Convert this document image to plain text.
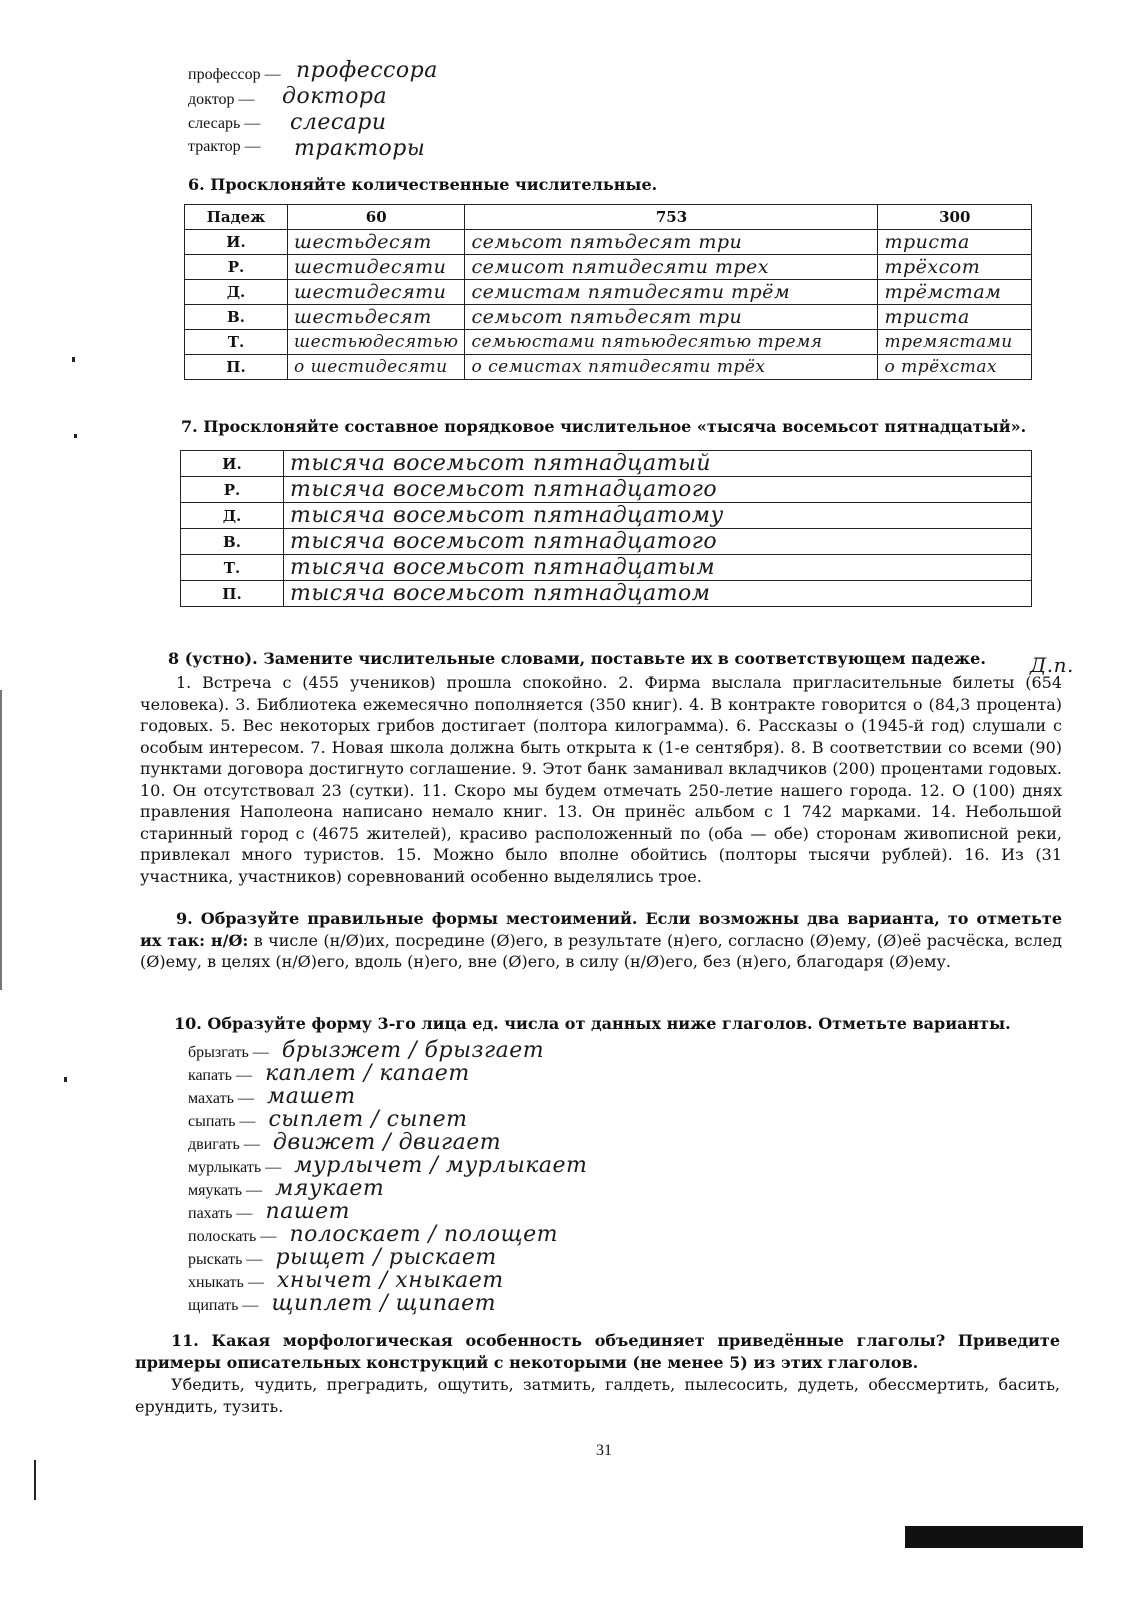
профессор — профессора
доктор — доктора
слесарь — слесари
трактор — тракторы
6. Просклоняйте количественные числительные.
Падеж	60	753	300
И.	шестьдесят	семьсот пятьдесят три	триста
Р.	шестидесяти	семисот пятидесяти трех	трёхсот
Д.	шестидесяти	семистам пятидесяти трём	трёмстам
В.	шестьдесят	семьсот пятьдесят три	триста
Т.	шестьюдесятью	семьюстами пятьюдесятью тремя	тремястами
П.	о шестидесяти	о семистах пятидесяти трёх	о трёхстах
7. Просклоняйте составное порядковое числительное «тысяча восемьсот пятнадцатый».
И.	тысяча восемьсот пятнадцатый
Р.	тысяча восемьсот пятнадцатого
Д.	тысяча восемьсот пятнадцатому
В.	тысяча восемьсот пятнадцатого
Т.	тысяча восемьсот пятнадцатым
П.	тысяча восемьсот пятнадцатом
8 (устно). Замените числительные словами, поставьте их в соответствующем падеже. Д.п.
1. Встреча с (455 учеников) прошла спокойно. 2. Фирма выслала пригласительные билеты (654 человека). 3. Библиотека ежемесячно пополняется (350 книг). 4. В контракте говорится о (84,3 процента) годовых. 5. Вес некоторых грибов достигает (полтора килограмма). 6. Рассказы о (1945-й год) слушали с особым интересом. 7. Новая школа должна быть открыта к (1-е сентября). 8. В соответствии со всеми (90) пунктами договора достигнуто соглашение. 9. Этот банк заманивал вкладчиков (200) процентами годовых. 10. Он отсутствовал 23 (сутки). 11. Скоро мы будем отмечать 250-летие нашего города. 12. О (100) днях правления Наполеона написано немало книг. 13. Он принёс альбом с 1 742 марками. 14. Небольшой старинный город с (4675 жителей), красиво расположенный по (оба — обе) сторонам живописной реки, привлекал много туристов. 15. Можно было вполне обойтись (полторы тысячи рублей). 16. Из (31 участника, участников) соревнований особенно выделялись трое.
9. Образуйте правильные формы местоимений. Если возможны два варианта, то отметьте их так: н/Ø: в числе (н/Ø)их, посредине (Ø)его, в результате (н)его, согласно (Ø)ему, (Ø)её расчёска, вслед (Ø)ему, в целях (н/Ø)его, вдоль (н)его, вне (Ø)его, в силу (н/Ø)его, без (н)его, благодаря (Ø)ему.
10. Образуйте форму 3-го лица ед. числа от данных ниже глаголов. Отметьте варианты.
брызгать — брызжет / брызгает
капать — каплет / капает
махать — машет
сыпать — сыплет / сыпет
двигать — движет / двигает
мурлыкать — мурлычет / мурлыкает
мяукать — мяукает
пахать — пашет
полоскать — полоскает / полощет
рыскать — рыщет / рыскает
хныкать — хнычет / хныкает
щипать — щиплет / щипает
11. Какая морфологическая особенность объединяет приведённые глаголы? Приведите примеры описательных конструкций с некоторыми (не менее 5) из этих глаголов.
Убедить, чудить, преградить, ощутить, затмить, галдеть, пылесосить, дудеть, обессмертить, басить, ерундить, тузить.
31
